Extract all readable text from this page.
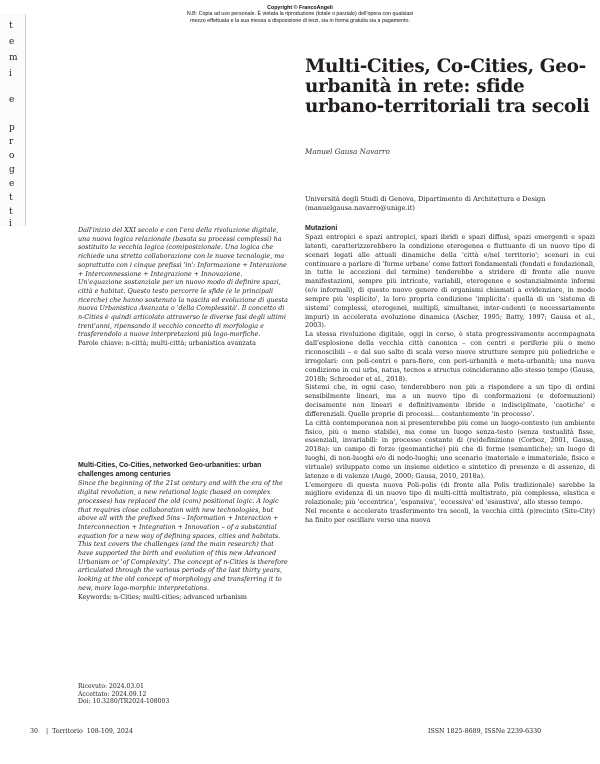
Copyright © FrancoAngeli
N.B: Copia ad uso personale. È vietata la riproduzione (totale o parziale) dell'opera con qualsiasi
mezzo effettuata e la sua messa a disposizione di terzi, sia in forma gratuita sia a pagamento.
t
e
m
i
e
p
r
o
g
e
t
t
i
Multi-Cities, Co-Cities, Geo-urbanità in rete: sfide urbano-territoriali tra secoli
Manuel Gausa Navarro
Università degli Studi di Genova, Dipartimento di Architettura e Design (manuelgausa.navarro@unige.it)
Dall'inizio del XXI secolo e con l'era della rivoluzione digitale, una nuova logica relazionale (basata su processi complessi) ha sostituito la vecchia logica (com)posizionale. Una logica che richiede una stretta collaborazione con le nuove tecnologie, ma soprattutto con i cinque prefissi 'in': Informazione + Interazione + Interconnessione + Integrazione + Innovazione. Un'equazione sostanziale per un nuovo modo di definire spazi, città e habitat. Questo testo percorre le sfide (e le principali ricerche) che hanno sostenuto la nascita ed evoluzione di questa nuova Urbanistica Avanzata o 'della Complessità'. Il concetto di n-Cities è quindi articolato attraverso le diverse fasi degli ultimi trent'anni, ripensando il vecchio concetto di morfologia e trasferendolo a nuove interpretazioni più logo-morfiche.
Parole chiave: n-città; multi-città; urbanistica avanzata
Multi-Cities, Co-Cities, networked Geo-urbanities: urban challenges among centuries
Since the beginning of the 21st century and with the era of the digital revolution, a new relational logic (based on complex processes) has replaced the old (com) positional logic. A logic that requires close collaboration with new technologies, but above all with the prefixed 5ins – Information + Interaction + Interconnection + Integration + Innovation – of a substantial equation for a new way of defining spaces, cities and habitats. This text covers the challenges (and the main research) that have supported the birth and evolution of this new Advanced Urbanism or 'of Complexity'. The concept of n-Cities is therefore articulated through the various periods of the last thirty years, looking at the old concept of morphology and transferring it to new, more logo-morphic interpretations.
Keywords: n-Cities; multi-cities; advanced urbanism
Ricevuto: 2024.03.01
Accettato: 2024.09.12
Doi: 10.3280/TR2024-108003
Mutazioni

Spazi entropici e spazi antropici, spazi ibridi e spazi diffusi, spazi emergenti e spazi latenti, caratterizzerebbero la condizione eterogenea e fluttuante di un nuovo tipo di scenari legati alle attuali dinamiche della 'città e/nel territorio'; scenari in cui continuare a parlare di 'forme urbane' come fattori fondamentali (fondati e fondazionali, in tutte le accezioni del termine) tenderebbe a stridere di fronte alle nuove manifestazioni, sempre più intricate, variabili, eterogenee e sostanzialmente informi (e/o informali), di questo nuovo genere di organismi chiamati a evidenziare, in modo sempre più 'esplicito', la loro propria condizione 'implicita': quella di un 'sistema di sistemi' complessi, eterogenei, multipli, simultanei, inter-cadenti (e necessariamente impuri) in accelerata evoluzione dinamica (Ascher, 1995; Batty, 1997; Gausa et al., 2003).

La stessa rivoluzione digitale, oggi in corso, è stata progressivamente accompagnata dall'esplosione della vecchia città canonica – con centri e periferie più o meno riconoscibili – e dal suo salto di scala verso nuove strutture sempre più poliedriche e irregolari: con poli-centri e para-fiere, con peri-urbanità e meta-urbanità; una nuova condizione in cui urbs, natus, tecnos e structus coincideranno allo stesso tempo (Gausa, 2018b; Schroeder et al., 2018).

Sistemi che, in ogni caso, tenderebbero non più a rispondere a un tipo di ordini sensibilmente lineari, ma a un nuovo tipo di conformazioni (e deformazioni) decisamente non lineari e definitivamente ibride e indisciplinate, 'caotiche' e differenziali. Quelle proprie di processi… costantemente 'in processo'.

La città contemporanea non si presenterebbe più come un luogo-contesto (un ambiente fisico, più o meno stabile), ma come un luogo senza-testo (senza testualità fisse, essenziali, invariabili: in processo costante di (re)definizione (Corboz, 2001, Gausa, 2018a): un campo di forze (geomantiche) più che di forme (semantiche); un luogo di luoghi, di non-luoghi e/o di nodo-luoghi; uno scenario (materiale e immateriale, fisico e virtuale) sviluppato come un insieme eidetico e sintetico di presenze e di assenze, di latenze e di valenze (Augé, 2000; Gausa, 2010, 2018a).

L'emergere di questa nuova Poli-polis (di fronte alla Polis tradizionale) sarebbe la migliore evidenza di un nuovo tipo di multi-città multistrato, più complessa, elastica e relazionale; più 'eccentrica', 'espansiva', 'eccessiva' ed 'esaustiva', allo stesso tempo.

Nel recente e accelerato trasferimento tra secoli, la vecchia città (p)recinto (Site-City) ha finito per oscillare verso una nuova

30    |  Territorio  108-109, 2024	ISSN 1825-8689, ISSNe 2239-6330
